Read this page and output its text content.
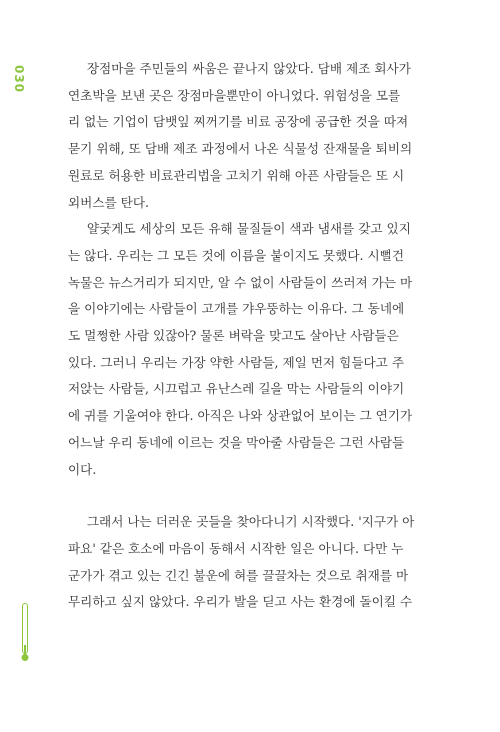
030	장점마을 주민들의 싸움은 끝나지 않았다. 담배 제조 회사가
연초박을 보낸 곳은 장점마을뿐만이 아니었다. 위험성을 모를
리 없는 기업이 담뱃잎 찌꺼기를 비료 공장에 공급한 것을 따져
묻기 위해, 또 담배 제조 과정에서 나온 식물성 잔재물을 퇴비의
원료로 허용한 비료관리법을 고치기 위해 아픈 사람들은 또 시
외버스를 탄다.

얄궂게도 세상의 모든 유해 물질들이 색과 냄새를 갖고 있지
는 않다. 우리는 그 모든 것에 이름을 붙이지도 못했다. 시뻘건
녹물은 뉴스거리가 되지만, 알 수 없이 사람들이 쓰러져 가는 마
을 이야기에는 사람들이 고개를 갸우뚱하는 이유다. 그 동네에
도 멀쩡한 사람 있잖아? 물론 벼락을 맞고도 살아난 사람들은
있다. 그러니 우리는 가장 약한 사람들, 제일 먼저 힘들다고 주
저앉는 사람들, 시끄럽고 유난스레 길을 막는 사람들의 이야기
에 귀를 기울여야 한다. 아직은 나와 상관없어 보이는 그 연기가
어느날 우리 동네에 이르는 것을 막아줄 사람들은 그런 사람들
이다.

그래서 나는 더러운 곳들을 찾아다니기 시작했다. '지구가 아
파요' 같은 호소에 마음이 동해서 시작한 일은 아니다. 다만 누
군가가 겪고 있는 긴긴 불운에 혀를 끌끌차는 것으로 취재를 마
무리하고 싶지 않았다. 우리가 발을 딛고 사는 환경에 돌이킬 수
